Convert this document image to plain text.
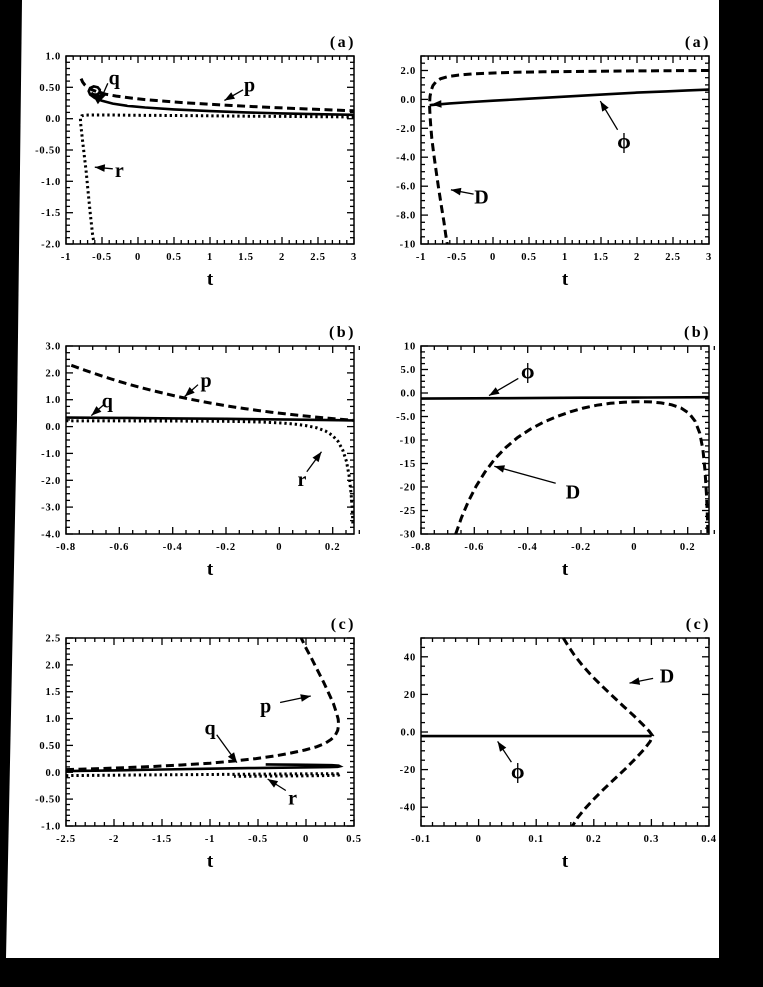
-1 -0.5 0 0.5 1 1.5 2 2.5 3
1.0
0.50
0.0
-0.50
-1.0
-1.5
-2.0
q	p
r
(a)
t
-1 -0.5 0 0.5 1 1.5 2 2.5 3
2.0
0.0
-2.0
-4.0
-6.0
-8.0
-10
ϕ
D
(a)
t
-0.8	-0.6	-0.4	-0.2	0	0.2
3.0
2.0
1.0
0.0
-1.0
-2.0
-3.0
-4.0
q
p
r
(b)
t
-0.8	-0.6	-0.4	-0.2	0	0.2
10
5.0
0.0
-5.0
-10
-15
-20
-25
-30
ϕ
D
(b)
t
-2.5	-2	-1.5	-1	-0.5	0	0.5
2.5
2.0
1.5
1.0
0.50
0.0
-0.50
-1.0
q
p
r
(c)
t
-0.1	0	0.1	0.2	0.3	0.4
40
20
0.0
-20
-40
D
ϕ
(c)
t
